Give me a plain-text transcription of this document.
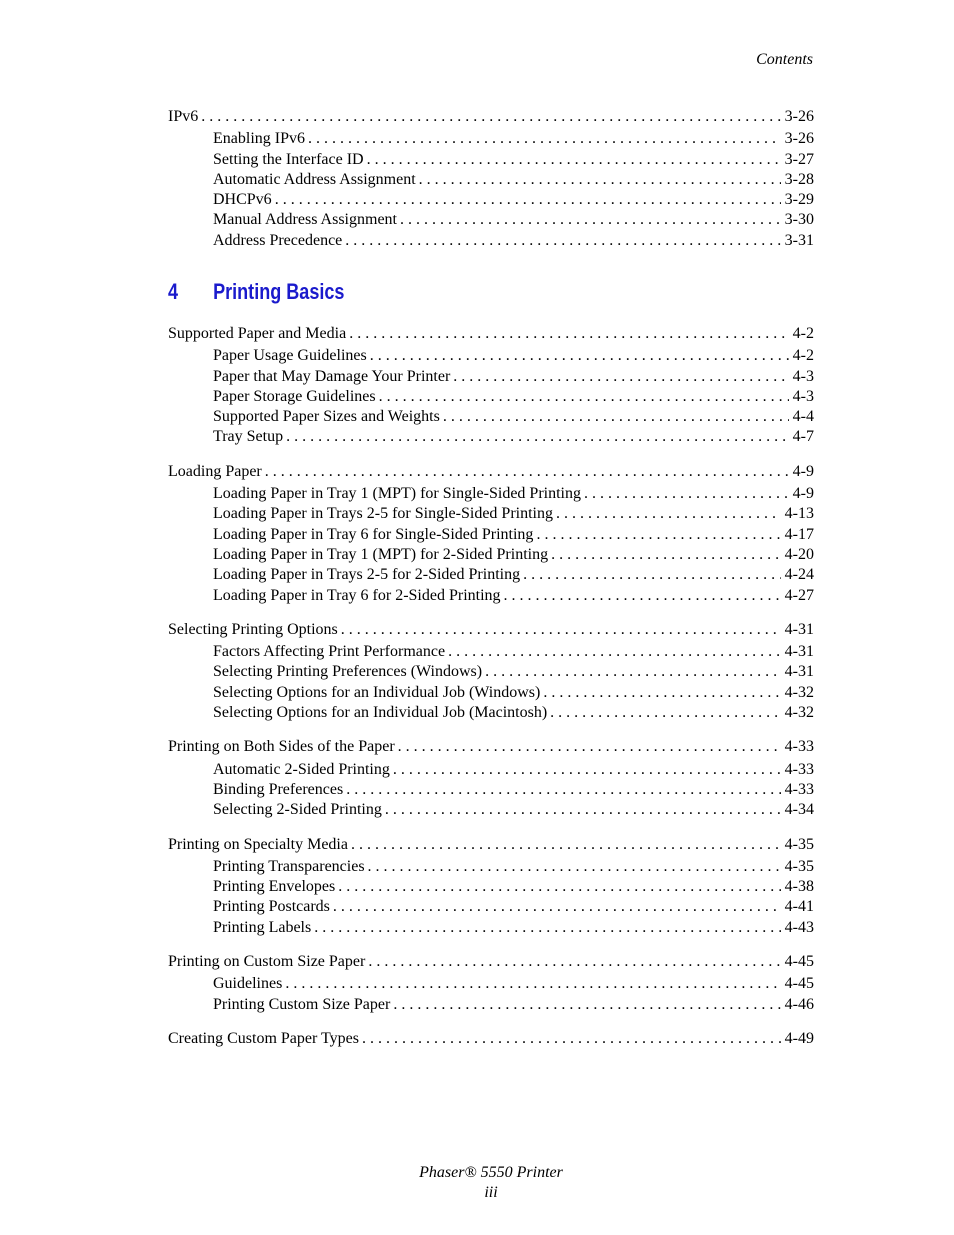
Contents
IPv6 . . .	3-26
Enabling IPv6 . . .	3-26
Setting the Interface ID . . .	3-27
Automatic Address Assignment . . .	3-28
DHCPv6 . . .	3-29
Manual Address Assignment . . .	3-30
Address Precedence . . .	3-31
4	Printing Basics
Supported Paper and Media . . .	4-2
Paper Usage Guidelines . . .	4-2
Paper that May Damage Your Printer . . .	4-3
Paper Storage Guidelines . . .	4-3
Supported Paper Sizes and Weights . . .	4-4
Tray Setup . . .	4-7
Loading Paper . . .	4-9
Loading Paper in Tray 1 (MPT) for Single-Sided Printing . . .	4-9
Loading Paper in Trays 2-5 for Single-Sided Printing . . .	4-13
Loading Paper in Tray 6 for Single-Sided Printing . . .	4-17
Loading Paper in Tray 1 (MPT) for 2-Sided Printing . . .	4-20
Loading Paper in Trays 2-5 for 2-Sided Printing . . .	4-24
Loading Paper in Tray 6 for 2-Sided Printing . . .	4-27
Selecting Printing Options . . .	4-31
Factors Affecting Print Performance . . .	4-31
Selecting Printing Preferences (Windows) . . .	4-31
Selecting Options for an Individual Job (Windows) . . .	4-32
Selecting Options for an Individual Job (Macintosh) . . .	4-32
Printing on Both Sides of the Paper . . .	4-33
Automatic 2-Sided Printing . . .	4-33
Binding Preferences . . .	4-33
Selecting 2-Sided Printing . . .	4-34
Printing on Specialty Media . . .	4-35
Printing Transparencies . . .	4-35
Printing Envelopes . . .	4-38
Printing Postcards . . .	4-41
Printing Labels . . .	4-43
Printing on Custom Size Paper . . .	4-45
Guidelines . . .	4-45
Printing Custom Size Paper . . .	4-46
Creating Custom Paper Types . . .	4-49
Phaser® 5550 Printer
iii
